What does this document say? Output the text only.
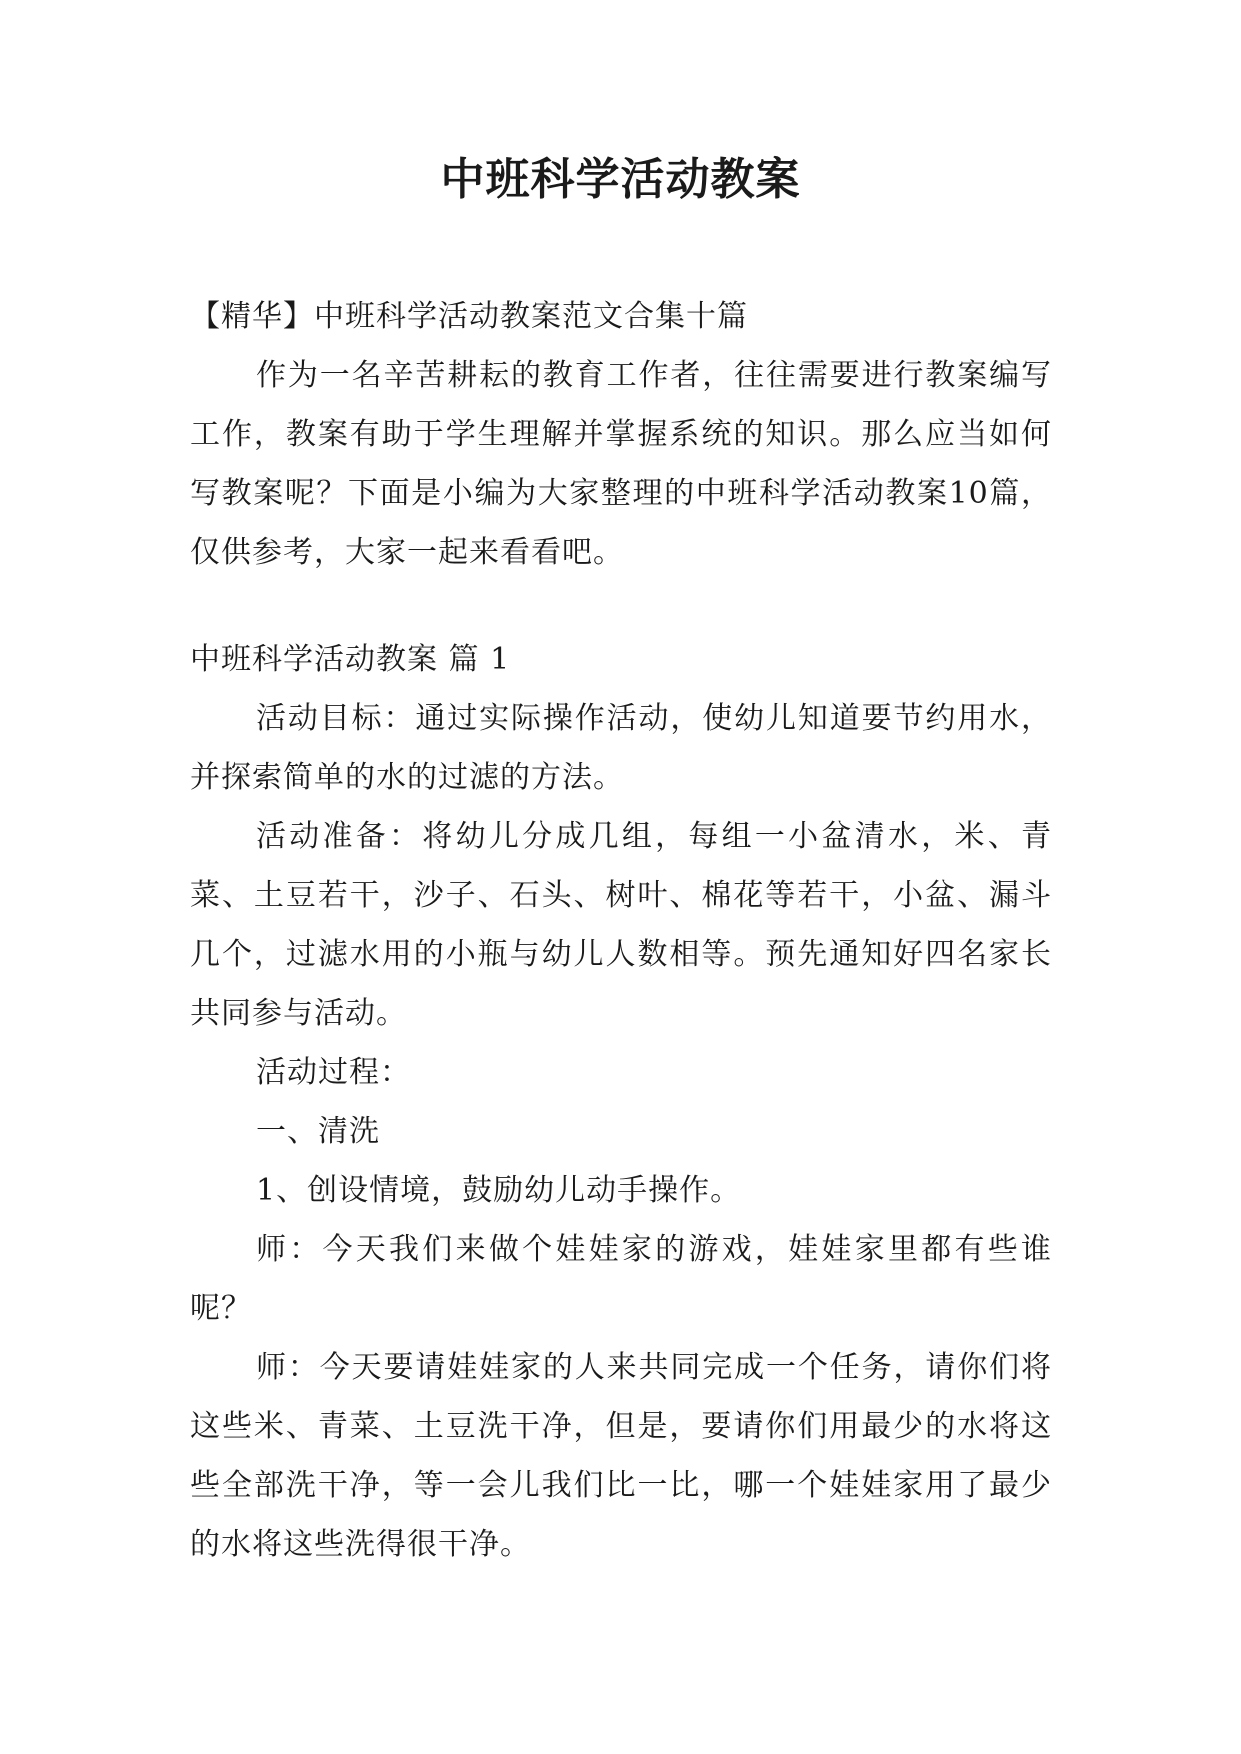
中班科学活动教案

【精华】中班科学活动教案范文合集十篇

作为一名辛苦耕耘的教育工作者，往往需要进行教案编写工作，教案有助于学生理解并掌握系统的知识。那么应当如何写教案呢？下面是小编为大家整理的中班科学活动教案10篇，仅供参考，大家一起来看看吧。

中班科学活动教案 篇 1

活动目标：通过实际操作活动，使幼儿知道要节约用水，并探索简单的水的过滤的方法。

活动准备：将幼儿分成几组，每组一小盆清水，米、青菜、土豆若干，沙子、石头、树叶、棉花等若干，小盆、漏斗几个，过滤水用的小瓶与幼儿人数相等。预先通知好四名家长共同参与活动。

活动过程：

一、清洗

1、创设情境，鼓励幼儿动手操作。

师：今天我们来做个娃娃家的游戏，娃娃家里都有些谁呢？

师：今天要请娃娃家的人来共同完成一个任务，请你们将这些米、青菜、土豆洗干净，但是，要请你们用最少的水将这些全部洗干净，等一会儿我们比一比，哪一个娃娃家用了最少的水将这些洗得很干净。
